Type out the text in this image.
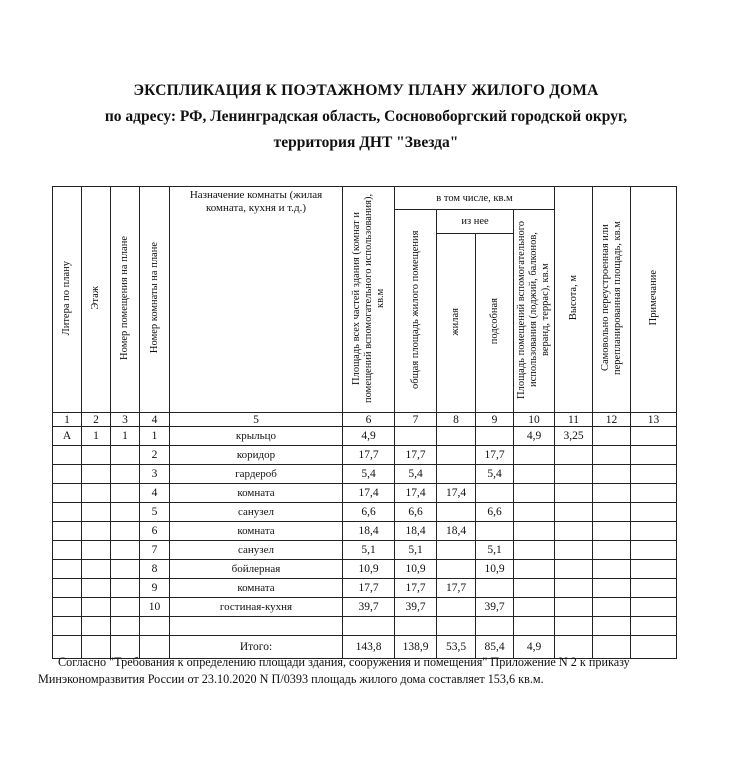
ЭКСПЛИКАЦИЯ К ПОЭТАЖНОМУ ПЛАНУ ЖИЛОГО ДОМА

по адресу: РФ, Ленинградская область, Сосновоборгский городской округ,

территория ДНТ "Звезда"

Литера по плану	Этаж	Номер помещения на плане	Номер комнаты на плане	Назначение комнаты (жилая комната, кухня и т.д.)	Площадь всех частей здания (комнат и помещений вспомогательного использования), кв.м	в том числе, кв.м				Высота, м	Самовольно переустроенная или перепланированная площадь, кв.м	Примечание
						общая площадь жилого помещения	из нее		Площадь помещений вспомогательного использования (лоджий, балконов, веранд, террас), кв.м			
							жилая	подсобная				
1	2	3	4	5	6	7	8	9	10	11	12	13
А	1	1	1	крыльцо	4,9				4,9	3,25		
			2	коридор	17,7	17,7		17,7				
			3	гардероб	5,4	5,4		5,4				
			4	комната	17,4	17,4	17,4					
			5	санузел	6,6	6,6		6,6				
			6	комната	18,4	18,4	18,4					
			7	санузел	5,1	5,1		5,1				
			8	бойлерная	10,9	10,9		10,9				
			9	комната	17,7	17,7	17,7					
			10	гостиная-кухня	39,7	39,7		39,7				

				Итого:	143,8	138,9	53,5	85,4	4,9			

Согласно "Требования к определению площади здания, сооружения и помещения" Приложение N 2 к приказу Минэкономразвития России от 23.10.2020 N П/0393 площадь жилого дома составляет 153,6 кв.м.
